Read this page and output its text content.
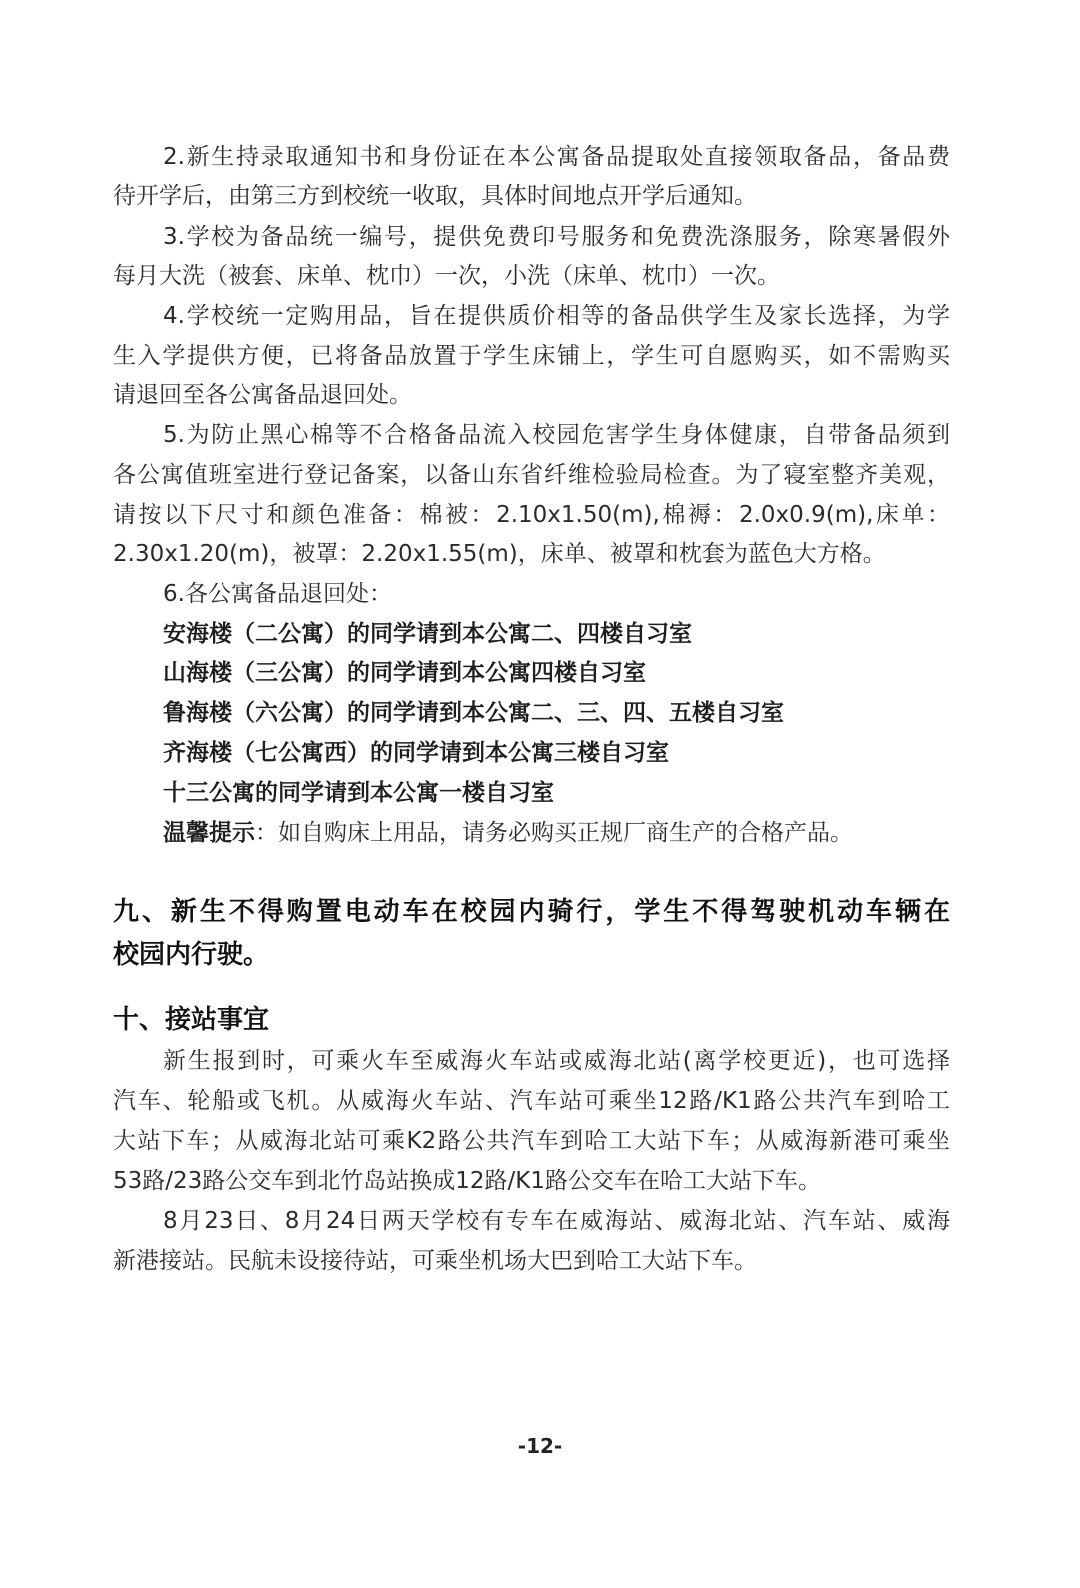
2.新生持录取通知书和身份证在本公寓备品提取处直接领取备品，备品费
待开学后，由第三方到校统一收取，具体时间地点开学后通知。
3.学校为备品统一编号，提供免费印号服务和免费洗涤服务，除寒暑假外
每月大洗（被套、床单、枕巾）一次，小洗（床单、枕巾）一次。
4.学校统一定购用品，旨在提供质价相等的备品供学生及家长选择，为学
生入学提供方便，已将备品放置于学生床铺上，学生可自愿购买，如不需购买
请退回至各公寓备品退回处。
5.为防止黑心棉等不合格备品流入校园危害学生身体健康，自带备品须到
各公寓值班室进行登记备案，以备山东省纤维检验局检查。为了寝室整齐美观，
请按以下尺寸和颜色准备：棉被：2.10x1.50(m),棉褥：2.0x0.9(m),床单：
2.30x1.20(m)，被罩：2.20x1.55(m)，床单、被罩和枕套为蓝色大方格。
6.各公寓备品退回处：
安海楼（二公寓）的同学请到本公寓二、四楼自习室
山海楼（三公寓）的同学请到本公寓四楼自习室
鲁海楼（六公寓）的同学请到本公寓二、三、四、五楼自习室
齐海楼（七公寓西）的同学请到本公寓三楼自习室
十三公寓的同学请到本公寓一楼自习室
温馨提示：如自购床上用品，请务必购买正规厂商生产的合格产品。
九、新生不得购置电动车在校园内骑行，学生不得驾驶机动车辆在
校园内行驶。
十、接站事宜
新生报到时，可乘火车至威海火车站或威海北站(离学校更近)，也可选择
汽车、轮船或飞机。从威海火车站、汽车站可乘坐12路/K1路公共汽车到哈工
大站下车；从威海北站可乘K2路公共汽车到哈工大站下车；从威海新港可乘坐
53路/23路公交车到北竹岛站换成12路/K1路公交车在哈工大站下车。
8月23日、8月24日两天学校有专车在威海站、威海北站、汽车站、威海
新港接站。民航未设接待站，可乘坐机场大巴到哈工大站下车。
-12-
